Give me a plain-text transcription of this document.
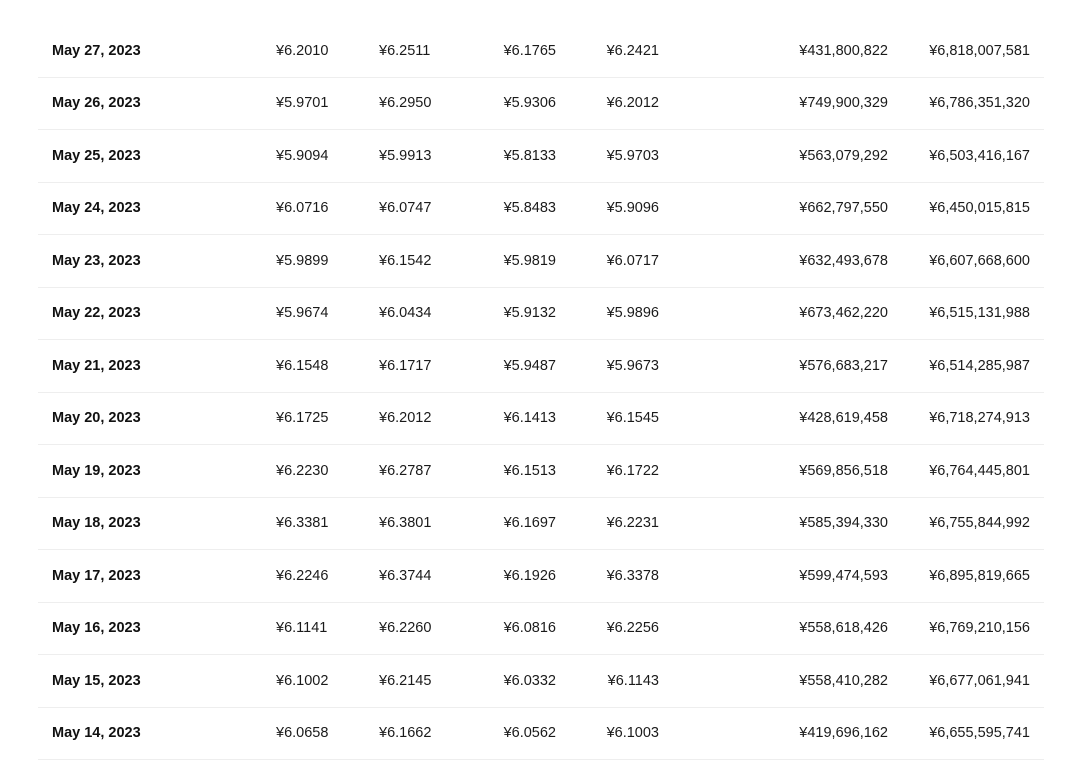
May 27, 2023	¥6.2010	¥6.2511	¥6.1765	¥6.2421	¥431,800,822	¥6,818,007,581
May 26, 2023	¥5.9701	¥6.2950	¥5.9306	¥6.2012	¥749,900,329	¥6,786,351,320
May 25, 2023	¥5.9094	¥5.9913	¥5.8133	¥5.9703	¥563,079,292	¥6,503,416,167
May 24, 2023	¥6.0716	¥6.0747	¥5.8483	¥5.9096	¥662,797,550	¥6,450,015,815
May 23, 2023	¥5.9899	¥6.1542	¥5.9819	¥6.0717	¥632,493,678	¥6,607,668,600
May 22, 2023	¥5.9674	¥6.0434	¥5.9132	¥5.9896	¥673,462,220	¥6,515,131,988
May 21, 2023	¥6.1548	¥6.1717	¥5.9487	¥5.9673	¥576,683,217	¥6,514,285,987
May 20, 2023	¥6.1725	¥6.2012	¥6.1413	¥6.1545	¥428,619,458	¥6,718,274,913
May 19, 2023	¥6.2230	¥6.2787	¥6.1513	¥6.1722	¥569,856,518	¥6,764,445,801
May 18, 2023	¥6.3381	¥6.3801	¥6.1697	¥6.2231	¥585,394,330	¥6,755,844,992
May 17, 2023	¥6.2246	¥6.3744	¥6.1926	¥6.3378	¥599,474,593	¥6,895,819,665
May 16, 2023	¥6.1141	¥6.2260	¥6.0816	¥6.2256	¥558,618,426	¥6,769,210,156
May 15, 2023	¥6.1002	¥6.2145	¥6.0332	¥6.1143	¥558,410,282	¥6,677,061,941
May 14, 2023	¥6.0658	¥6.1662	¥6.0562	¥6.1003	¥419,696,162	¥6,655,595,741
